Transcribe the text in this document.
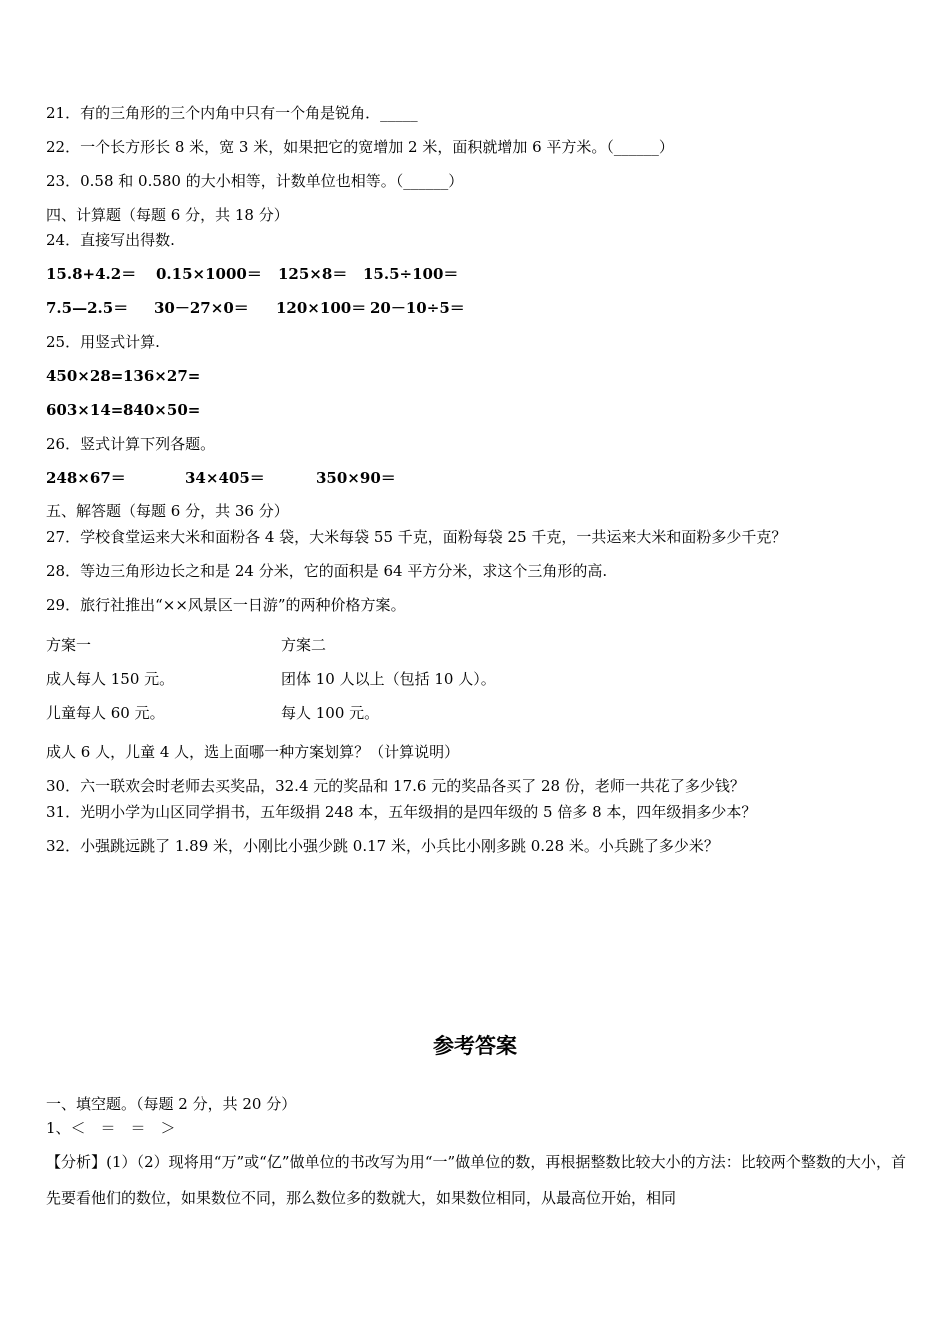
21．有的三角形的三个内角中只有一个角是锐角．_____
22．一个长方形长 8 米，宽 3 米，如果把它的宽增加 2 米，面积就增加 6 平方米。（______）
23．0.58 和 0.580 的大小相等，计数单位也相等。（______）
四、计算题（每题 6 分，共 18 分）
24．直接写出得数.
15.8+4.2＝ 0.15×1000＝ 125×8＝ 15.5÷100＝
7.5—2.5＝ 30－27×0＝ 120×100＝ 20－10÷5＝
25．用竖式计算.
450×28= 136×27=
603×14= 840×50=
26．竖式计算下列各题。
248×67＝	34×405＝	350×90＝
五、解答题（每题 6 分，共 36 分）
27．学校食堂运来大米和面粉各 4 袋，大米每袋 55 千克，面粉每袋 25 千克，一共运来大米和面粉多少千克？
28．等边三角形边长之和是 24 分米，它的面积是 64 平方分米，求这个三角形的高.
29．旅行社推出“××风景区一日游”的两种价格方案。
方案一	方案二
成人每人 150 元。	团体 10 人以上（包括 10 人）。
儿童每人 60 元。	每人 100 元。
成人 6 人，儿童 4 人，选上面哪一种方案划算？（计算说明）
30．六一联欢会时老师去买奖品，32.4 元的奖品和 17.6 元的奖品各买了 28 份，老师一共花了多少钱？
31．光明小学为山区同学捐书，五年级捐 248 本，五年级捐的是四年级的 5 倍多 8 本，四年级捐多少本？
32．小强跳远跳了 1.89 米，小刚比小强少跳 0.17 米，小兵比小刚多跳 0.28 米。小兵跳了多少米？
参考答案
一、填空题。（每题 2 分，共 20 分）
1、＜　＝　＝　＞
【分析】(1）（2）现将用“万”或“亿”做单位的书改写为用“一”做单位的数，再根据整数比较大小的方法：比较两个整数的大小，首先要看他们的数位，如果数位不同，那么数位多的数就大，如果数位相同，从最高位开始，相同
